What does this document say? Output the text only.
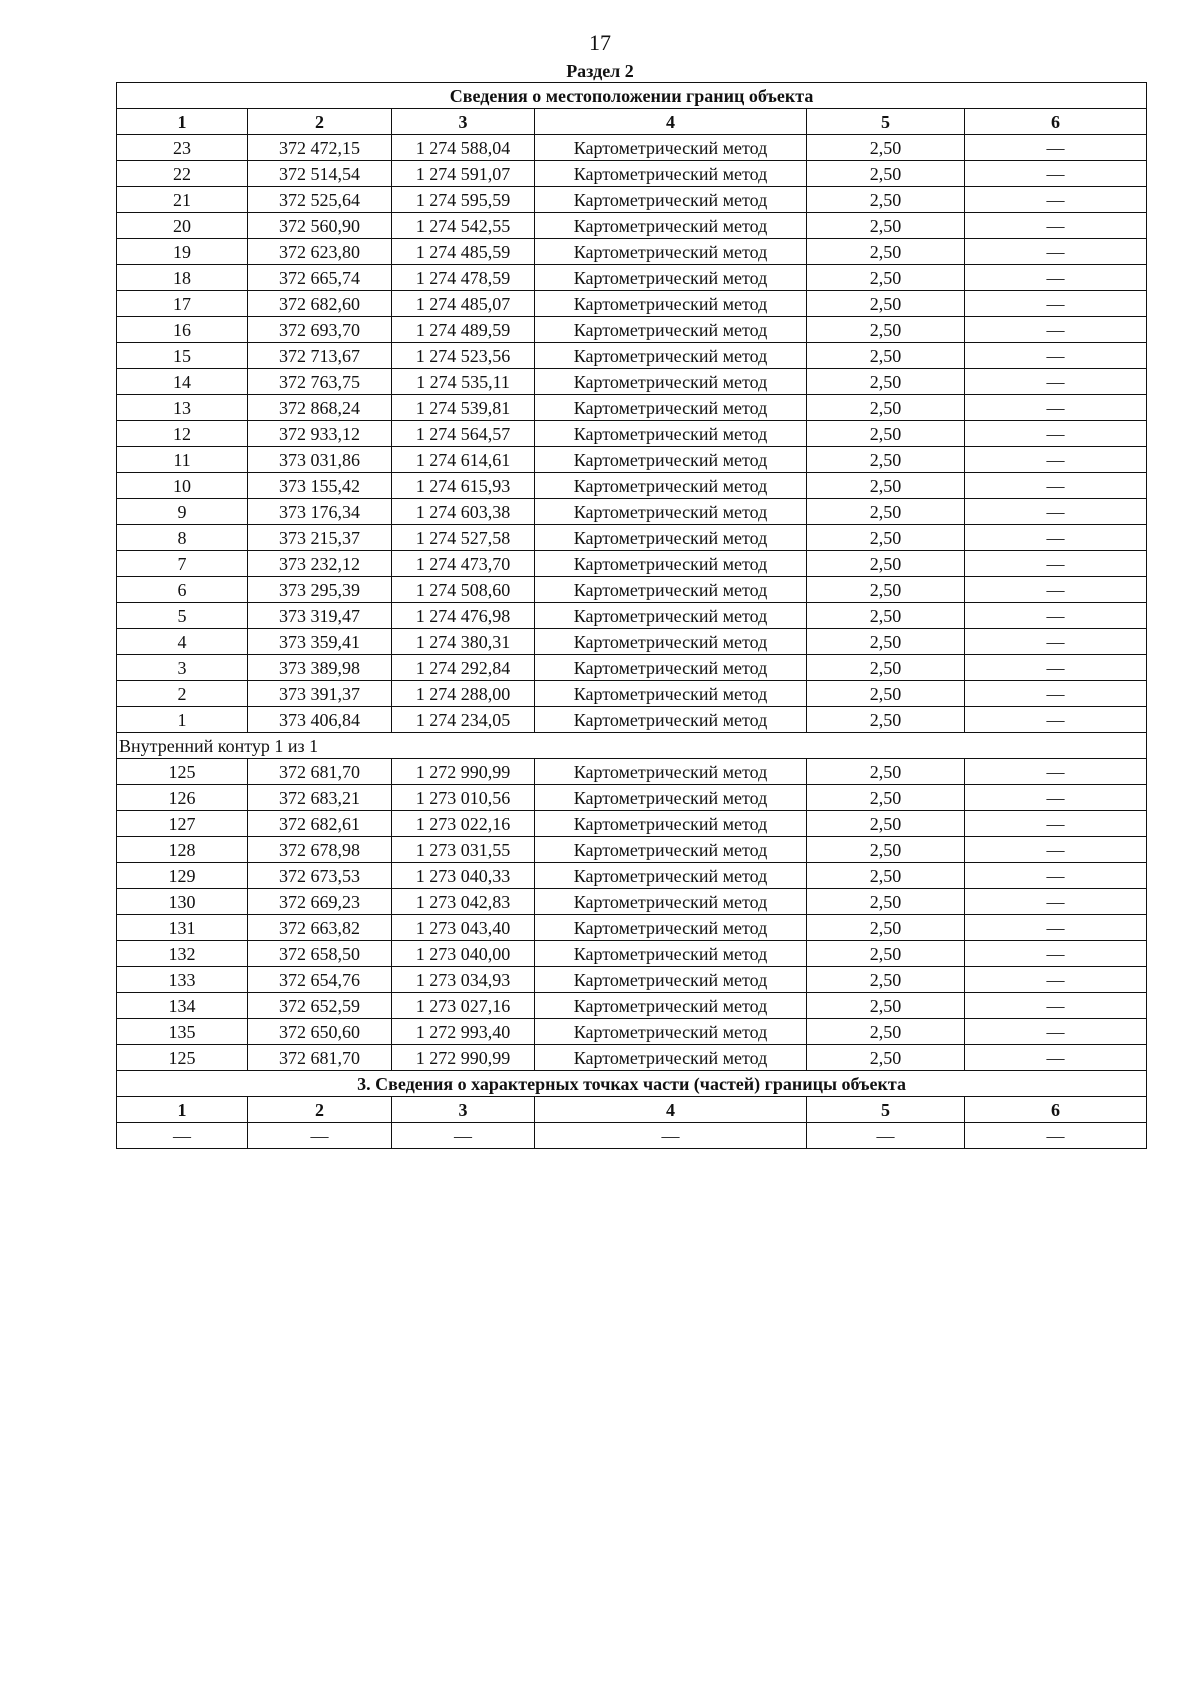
17
Раздел 2
Сведения о местоположении границ объекта					
1	2	3	4	5	6
23	372 472,15	1 274 588,04	Картометрический метод	2,50	—
22	372 514,54	1 274 591,07	Картометрический метод	2,50	—
21	372 525,64	1 274 595,59	Картометрический метод	2,50	—
20	372 560,90	1 274 542,55	Картометрический метод	2,50	—
19	372 623,80	1 274 485,59	Картометрический метод	2,50	—
18	372 665,74	1 274 478,59	Картометрический метод	2,50	—
17	372 682,60	1 274 485,07	Картометрический метод	2,50	—
16	372 693,70	1 274 489,59	Картометрический метод	2,50	—
15	372 713,67	1 274 523,56	Картометрический метод	2,50	—
14	372 763,75	1 274 535,11	Картометрический метод	2,50	—
13	372 868,24	1 274 539,81	Картометрический метод	2,50	—
12	372 933,12	1 274 564,57	Картометрический метод	2,50	—
11	373 031,86	1 274 614,61	Картометрический метод	2,50	—
10	373 155,42	1 274 615,93	Картометрический метод	2,50	—
9	373 176,34	1 274 603,38	Картометрический метод	2,50	—
8	373 215,37	1 274 527,58	Картометрический метод	2,50	—
7	373 232,12	1 274 473,70	Картометрический метод	2,50	—
6	373 295,39	1 274 508,60	Картометрический метод	2,50	—
5	373 319,47	1 274 476,98	Картометрический метод	2,50	—
4	373 359,41	1 274 380,31	Картометрический метод	2,50	—
3	373 389,98	1 274 292,84	Картометрический метод	2,50	—
2	373 391,37	1 274 288,00	Картометрический метод	2,50	—
1	373 406,84	1 274 234,05	Картометрический метод	2,50	—
Внутренний контур 1 из 1					
125	372 681,70	1 272 990,99	Картометрический метод	2,50	—
126	372 683,21	1 273 010,56	Картометрический метод	2,50	—
127	372 682,61	1 273 022,16	Картометрический метод	2,50	—
128	372 678,98	1 273 031,55	Картометрический метод	2,50	—
129	372 673,53	1 273 040,33	Картометрический метод	2,50	—
130	372 669,23	1 273 042,83	Картометрический метод	2,50	—
131	372 663,82	1 273 043,40	Картометрический метод	2,50	—
132	372 658,50	1 273 040,00	Картометрический метод	2,50	—
133	372 654,76	1 273 034,93	Картометрический метод	2,50	—
134	372 652,59	1 273 027,16	Картометрический метод	2,50	—
135	372 650,60	1 272 993,40	Картометрический метод	2,50	—
125	372 681,70	1 272 990,99	Картометрический метод	2,50	—
3. Сведения о характерных точках части (частей) границы объекта					
1	2	3	4	5	6
—	—	—	—	—	—
